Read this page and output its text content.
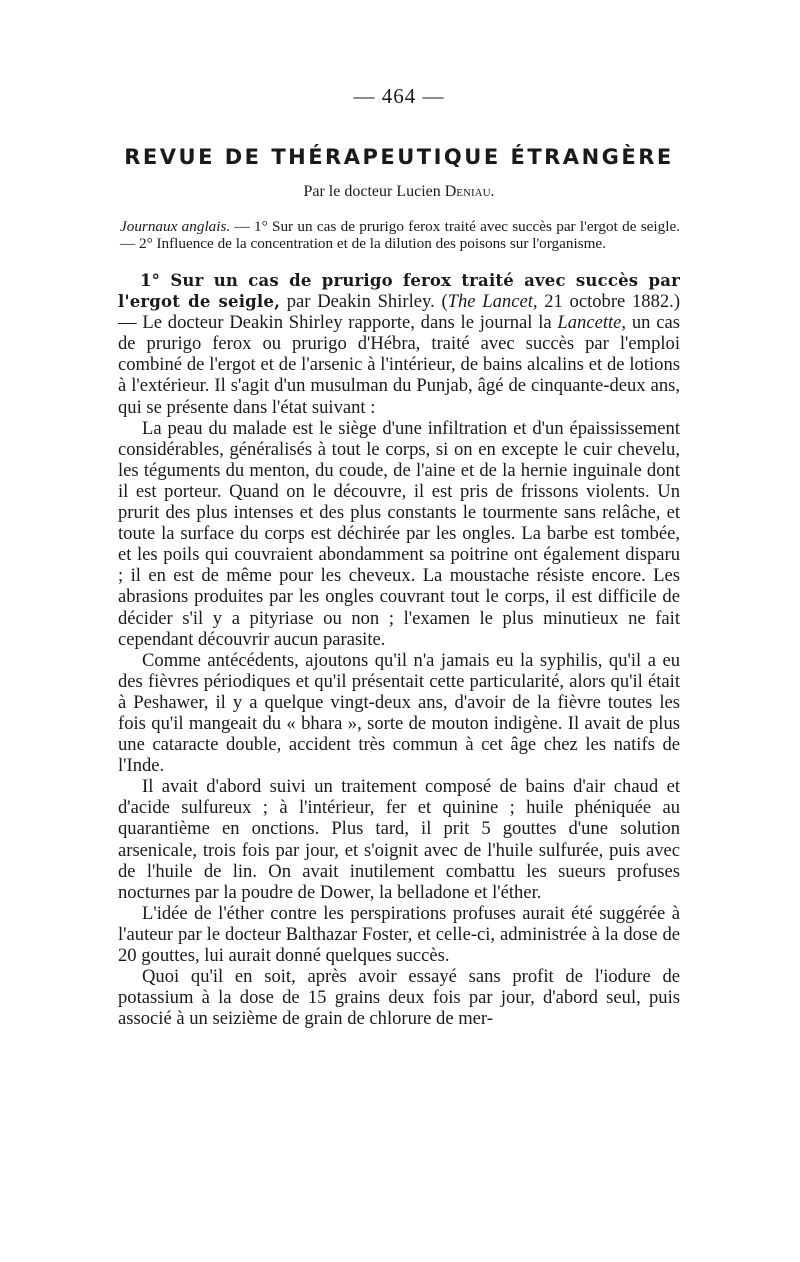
— 464 —
REVUE DE THÉRAPEUTIQUE ÉTRANGÈRE
Par le docteur Lucien Deniau.

Journaux anglais. — 1° Sur un cas de prurigo ferox traité avec succès par l'ergot de seigle. — 2° Influence de la concentration et de la dilution des poisons sur l'organisme.

1° Sur un cas de prurigo ferox traité avec succès par l'ergot de seigle, par Deakin Shirley. (The Lancet, 21 octobre 1882.) — Le docteur Deakin Shirley rapporte, dans le journal la Lancette, un cas de prurigo ferox ou prurigo d'Hébra, traité avec succès par l'emploi combiné de l'ergot et de l'arsenic à l'intérieur, de bains alcalins et de lotions à l'extérieur. Il s'agit d'un musulman du Punjab, âgé de cinquante-deux ans, qui se présente dans l'état suivant :

La peau du malade est le siège d'une infiltration et d'un épaississement considérables, généralisés à tout le corps, si on en excepte le cuir chevelu, les téguments du menton, du coude, de l'aine et de la hernie inguinale dont il est porteur. Quand on le découvre, il est pris de frissons violents. Un prurit des plus intenses et des plus constants le tourmente sans relâche, et toute la surface du corps est déchirée par les ongles. La barbe est tombée, et les poils qui couvraient abondamment sa poitrine ont également disparu ; il en est de même pour les cheveux. La moustache résiste encore. Les abrasions produites par les ongles couvrant tout le corps, il est difficile de décider s'il y a pityriase ou non ; l'examen le plus minutieux ne fait cependant découvrir aucun parasite.

Comme antécédents, ajoutons qu'il n'a jamais eu la syphilis, qu'il a eu des fièvres périodiques et qu'il présentait cette particularité, alors qu'il était à Peshawer, il y a quelque vingt-deux ans, d'avoir de la fièvre toutes les fois qu'il mangeait du « bhara », sorte de mouton indigène. Il avait de plus une cataracte double, accident très commun à cet âge chez les natifs de l'Inde.

Il avait d'abord suivi un traitement composé de bains d'air chaud et d'acide sulfureux ; à l'intérieur, fer et quinine ; huile phéniquée au quarantième en onctions. Plus tard, il prit 5 gouttes d'une solution arsenicale, trois fois par jour, et s'oignit avec de l'huile sulfurée, puis avec de l'huile de lin. On avait inutilement combattu les sueurs profuses nocturnes par la poudre de Dower, la belladone et l'éther.

L'idée de l'éther contre les perspirations profuses aurait été suggérée à l'auteur par le docteur Balthazar Foster, et celle-ci, administrée à la dose de 20 gouttes, lui aurait donné quelques succès.

Quoi qu'il en soit, après avoir essayé sans profit de l'iodure de potassium à la dose de 15 grains deux fois par jour, d'abord seul, puis associé à un seizième de grain de chlorure de mer-
